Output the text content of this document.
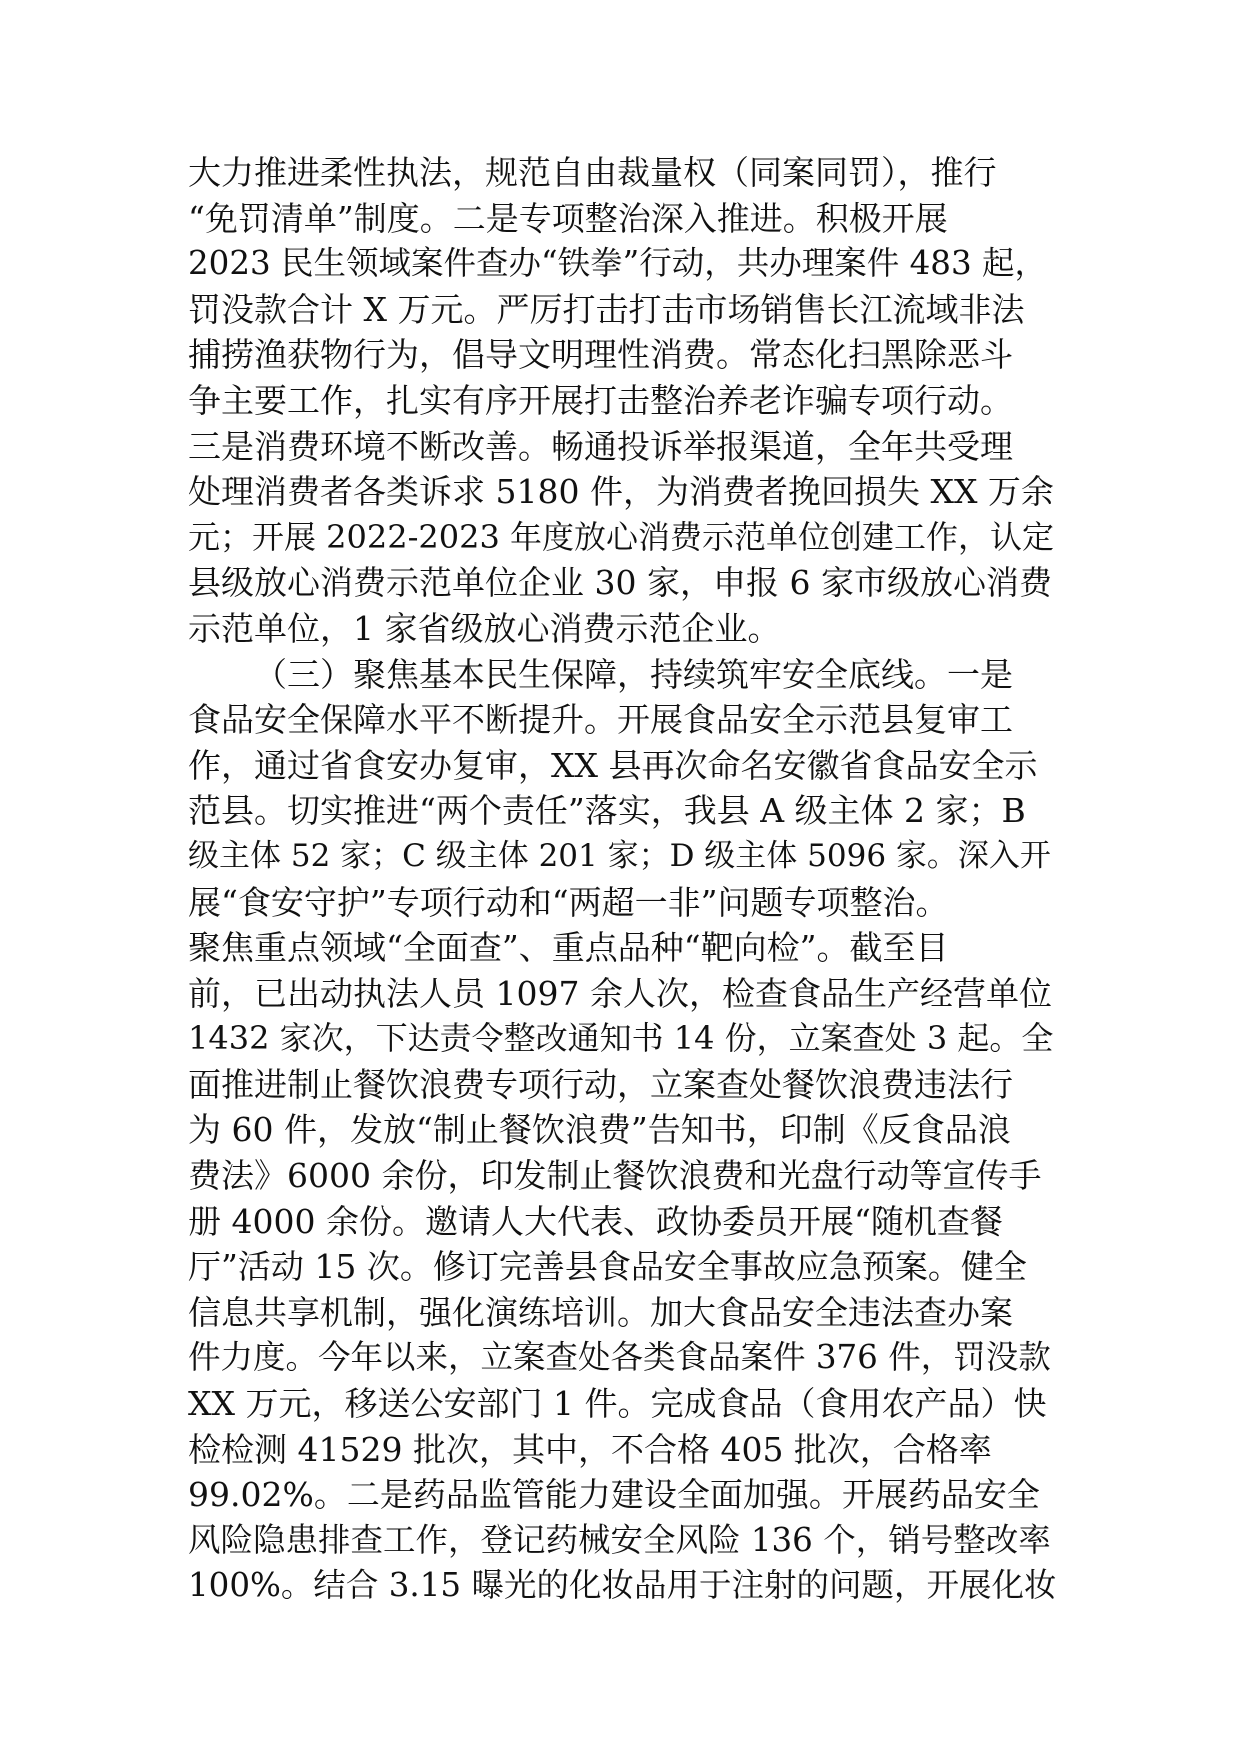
大力推进柔性执法，规范自由裁量权（同案同罚），推行
“免罚清单”制度。二是专项整治深入推进。积极开展
2023 民生领域案件查办“铁拳”行动，共办理案件 483 起，
罚没款合计 X 万元。严厉打击打击市场销售长江流域非法
捕捞渔获物行为，倡导文明理性消费。常态化扫黑除恶斗
争主要工作，扎实有序开展打击整治养老诈骗专项行动。
三是消费环境不断改善。畅通投诉举报渠道，全年共受理
处理消费者各类诉求 5180 件，为消费者挽回损失 XX 万余
元；开展 2022-2023 年度放心消费示范单位创建工作，认定
县级放心消费示范单位企业 30 家，申报 6 家市级放心消费
示范单位，1 家省级放心消费示范企业。
（三）聚焦基本民生保障，持续筑牢安全底线。一是
食品安全保障水平不断提升。开展食品安全示范县复审工
作，通过省食安办复审，XX 县再次命名安徽省食品安全示
范县。切实推进“两个责任”落实，我县 A 级主体 2 家；B
级主体 52 家；C 级主体 201 家；D 级主体 5096 家。深入开
展“食安守护”专项行动和“两超一非”问题专项整治。
聚焦重点领域“全面查”、重点品种“靶向检”。截至目
前，已出动执法人员 1097 余人次，检查食品生产经营单位
1432 家次，下达责令整改通知书 14 份，立案查处 3 起。全
面推进制止餐饮浪费专项行动，立案查处餐饮浪费违法行
为 60 件，发放“制止餐饮浪费”告知书，印制《反食品浪
费法》6000 余份，印发制止餐饮浪费和光盘行动等宣传手
册 4000 余份。邀请人大代表、政协委员开展“随机查餐
厅”活动 15 次。修订完善县食品安全事故应急预案。健全
信息共享机制，强化演练培训。加大食品安全违法查办案
件力度。今年以来，立案查处各类食品案件 376 件，罚没款
XX 万元，移送公安部门 1 件。完成食品（食用农产品）快
检检测 41529 批次，其中，不合格 405 批次，合格率
99.02%。二是药品监管能力建设全面加强。开展药品安全
风险隐患排查工作，登记药械安全风险 136 个，销号整改率
100%。结合 3.15 曝光的化妆品用于注射的问题，开展化妆
